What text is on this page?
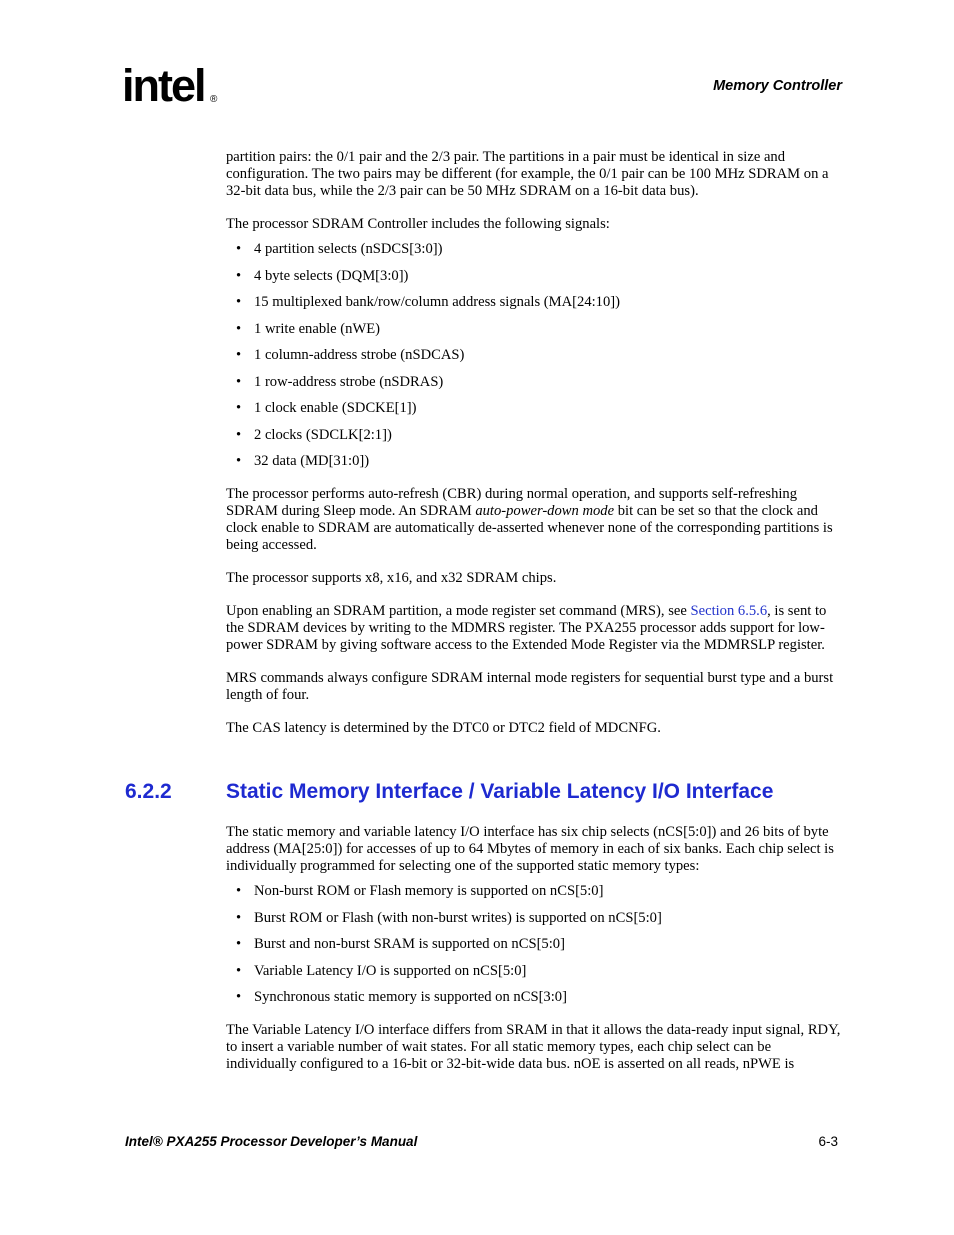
intel ®
Memory Controller

partition pairs: the 0/1 pair and the 2/3 pair. The partitions in a pair must be identical in size and configuration. The two pairs may be different (for example, the 0/1 pair can be 100 MHz SDRAM on a 32-bit data bus, while the 2/3 pair can be 50 MHz SDRAM on a 16-bit data bus).

The processor SDRAM Controller includes the following signals:

• 4 partition selects (nSDCS[3:0])
• 4 byte selects (DQM[3:0])
• 15 multiplexed bank/row/column address signals (MA[24:10])
• 1 write enable (nWE)
• 1 column-address strobe (nSDCAS)
• 1 row-address strobe (nSDRAS)
• 1 clock enable (SDCKE[1])
• 2 clocks (SDCLK[2:1])
• 32 data (MD[31:0])

The processor performs auto-refresh (CBR) during normal operation, and supports self-refreshing SDRAM during Sleep mode. An SDRAM auto-power-down mode bit can be set so that the clock and clock enable to SDRAM are automatically de-asserted whenever none of the corresponding partitions is being accessed.

The processor supports x8, x16, and x32 SDRAM chips.

Upon enabling an SDRAM partition, a mode register set command (MRS), see Section 6.5.6, is sent to the SDRAM devices by writing to the MDMRS register. The PXA255 processor adds support for low-power SDRAM by giving software access to the Extended Mode Register via the MDMRSLP register.

MRS commands always configure SDRAM internal mode registers for sequential burst type and a burst length of four.

The CAS latency is determined by the DTC0 or DTC2 field of MDCNFG.

6.2.2	Static Memory Interface / Variable Latency I/O Interface

The static memory and variable latency I/O interface has six chip selects (nCS[5:0]) and 26 bits of byte address (MA[25:0]) for accesses of up to 64 Mbytes of memory in each of six banks. Each chip select is individually programmed for selecting one of the supported static memory types:

• Non-burst ROM or Flash memory is supported on nCS[5:0]
• Burst ROM or Flash (with non-burst writes) is supported on nCS[5:0]
• Burst and non-burst SRAM is supported on nCS[5:0]
• Variable Latency I/O is supported on nCS[5:0]
• Synchronous static memory is supported on nCS[3:0]

The Variable Latency I/O interface differs from SRAM in that it allows the data-ready input signal, RDY, to insert a variable number of wait states. For all static memory types, each chip select can be individually configured to a 16-bit or 32-bit-wide data bus. nOE is asserted on all reads, nPWE is

Intel® PXA255 Processor Developer’s Manual	6-3
